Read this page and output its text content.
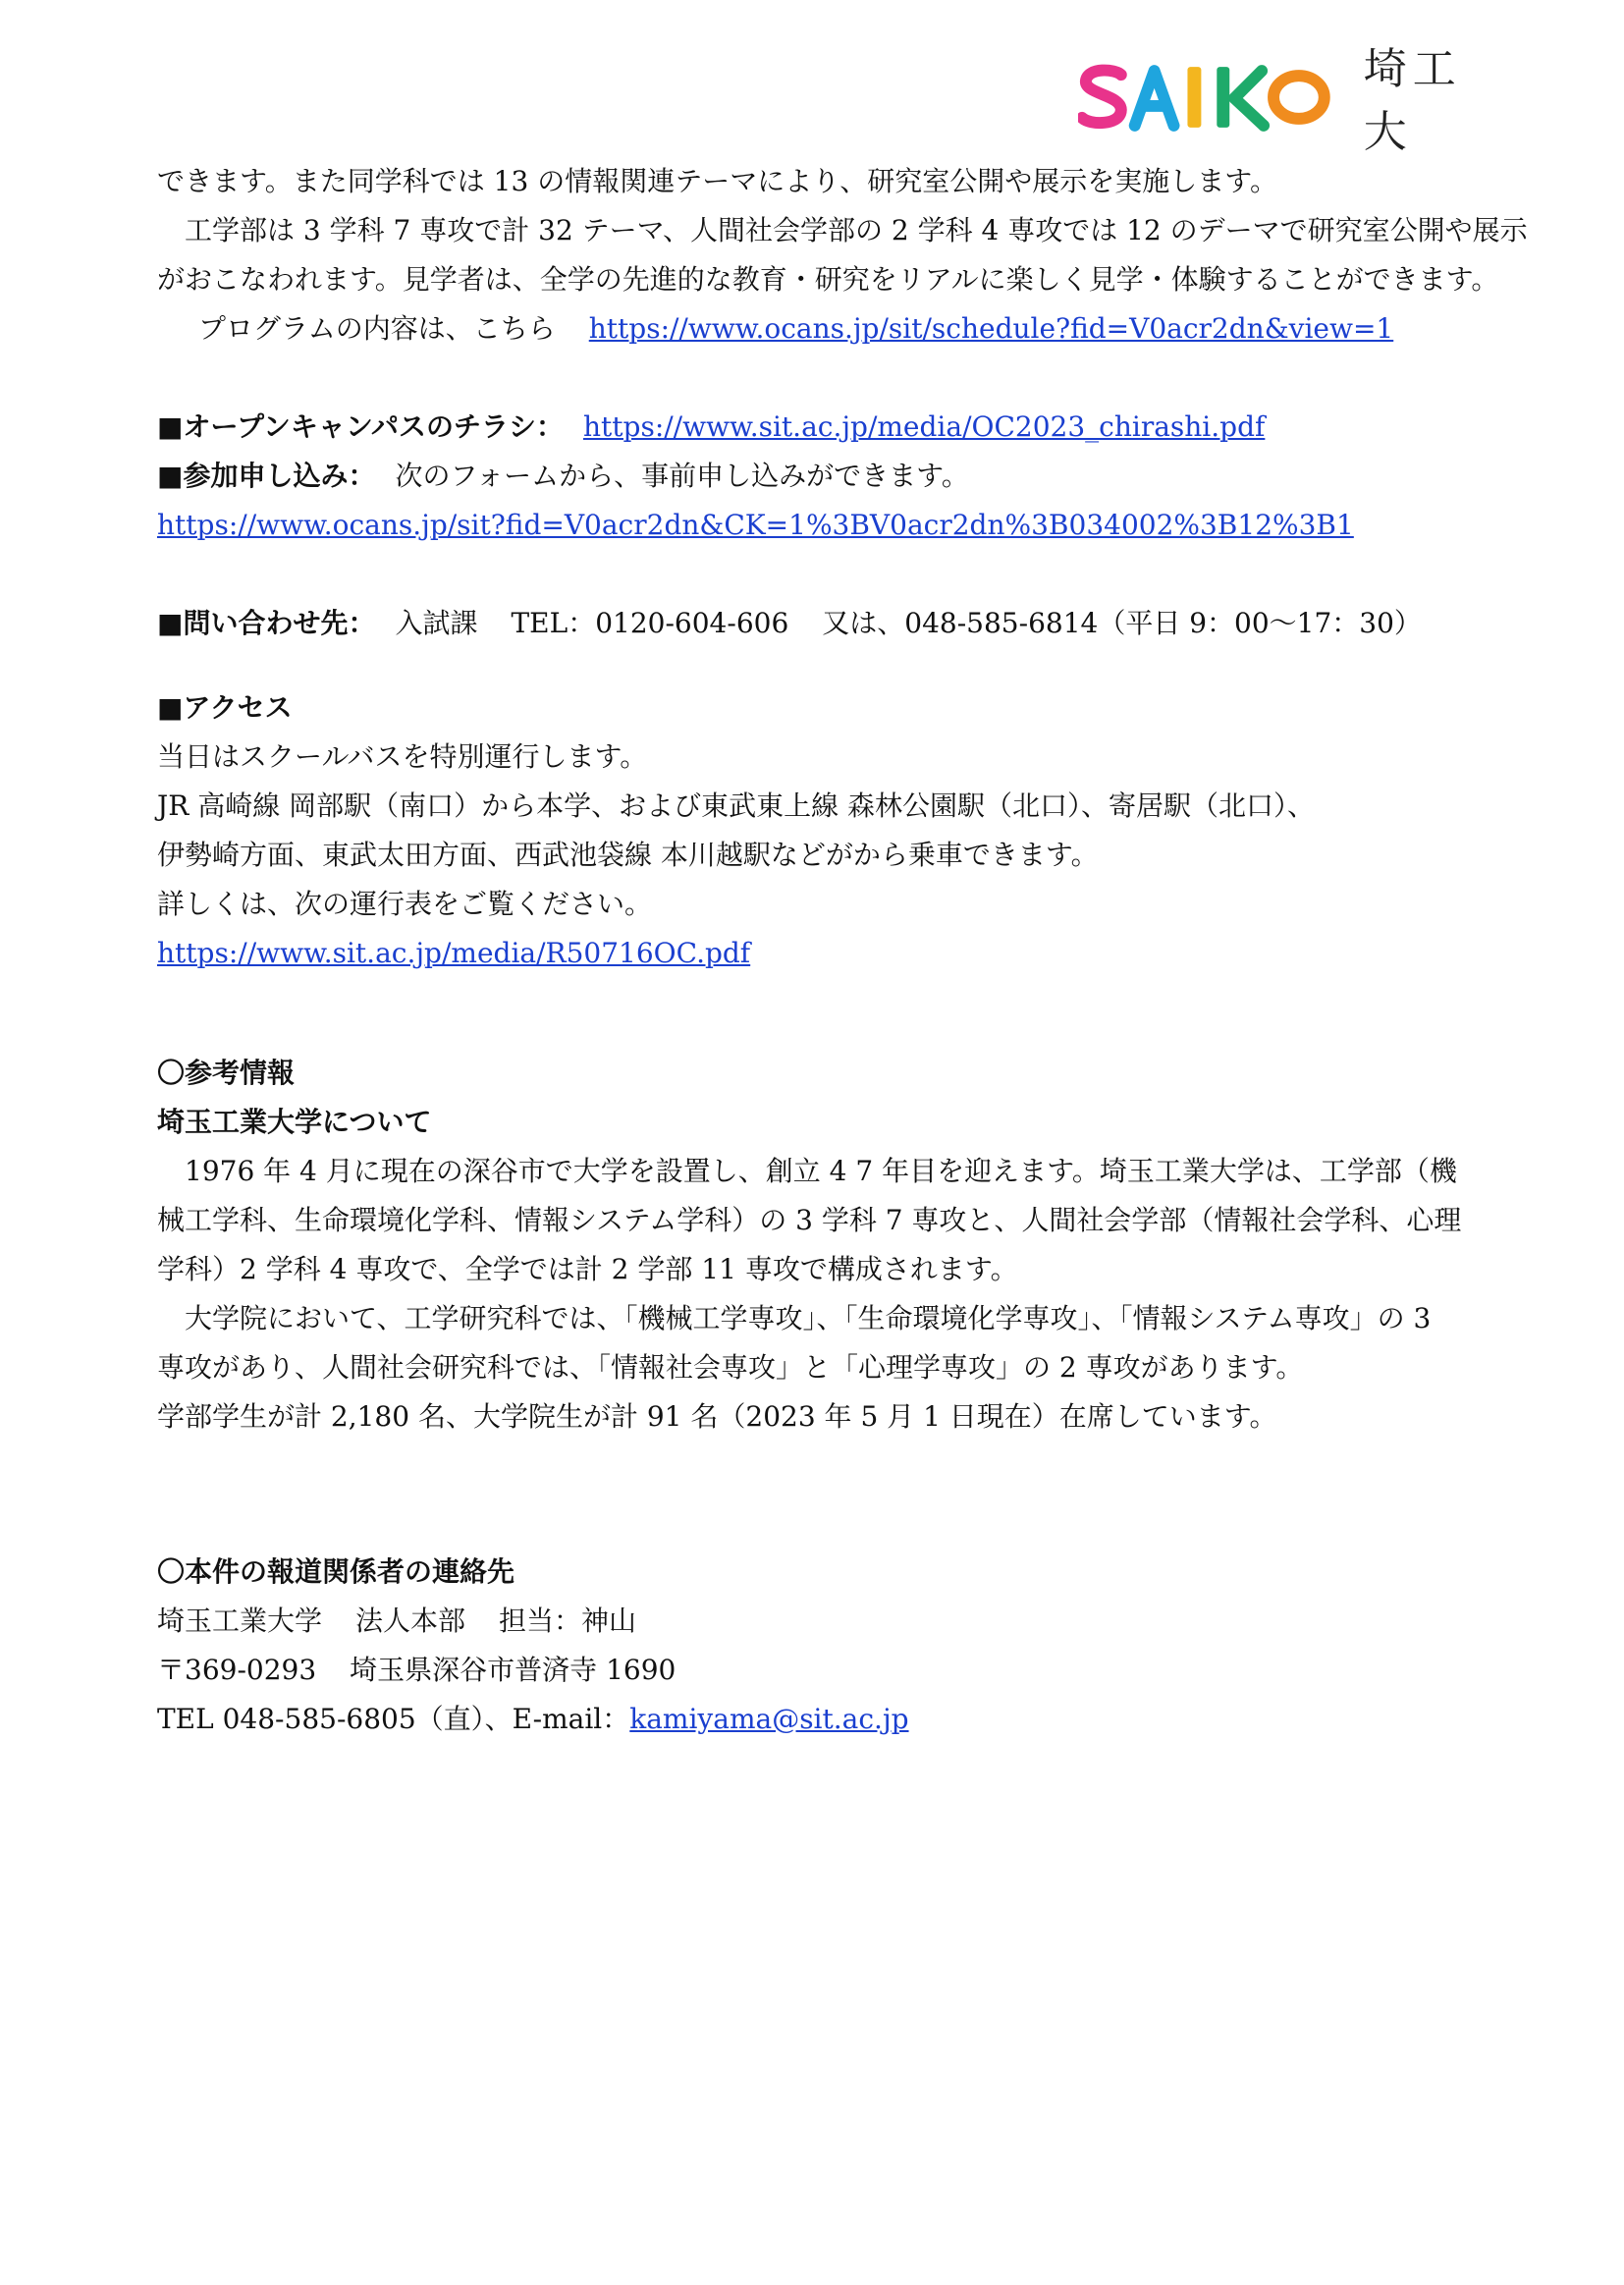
埼工大
できます。また同学科では 13 の情報関連テーマにより、研究室公開や展示を実施します。
工学部は 3 学科 7 専攻で計 32 テーマ、人間社会学部の 2 学科 4 専攻では 12 のデーマで研究室公開や展示
がおこなわれます。見学者は、全学の先進的な教育・研究をリアルに楽しく見学・体験することができます。
プログラムの内容は、こちら https://www.ocans.jp/sit/schedule?fid=V0acr2dn&view=1
■オープンキャンパスのチラシ： https://www.sit.ac.jp/media/OC2023_chirashi.pdf
■参加申し込み： 次のフォームから、事前申し込みができます。
https://www.ocans.jp/sit?fid=V0acr2dn&CK=1%3BV0acr2dn%3B034002%3B12%3B1
■問い合わせ先： 入試課 TEL：0120-604-606 又は、048-585-6814（平日 9：00～17：30）
■アクセス
当日はスクールバスを特別運行します。
JR 高崎線 岡部駅（南口）から本学、および東武東上線 森林公園駅（北口）、寄居駅（北口）、
伊勢崎方面、東武太田方面、西武池袋線 本川越駅などがから乗車できます。
詳しくは、次の運行表をご覧ください。
https://www.sit.ac.jp/media/R50716OC.pdf
〇参考情報
埼玉工業大学について
1976 年 4 月に現在の深谷市で大学を設置し、創立 4 7 年目を迎えます。埼玉工業大学は、工学部（機
械工学科、生命環境化学科、情報システム学科）の 3 学科 7 専攻と、人間社会学部（情報社会学科、心理
学科）2 学科 4 専攻で、全学では計 2 学部 11 専攻で構成されます。
大学院において、工学研究科では、「機械工学専攻」、「生命環境化学専攻」、「情報システム専攻」の 3
専攻があり、人間社会研究科では、「情報社会専攻」と「心理学専攻」の 2 専攻があります。
学部学生が計 2,180 名、大学院生が計 91 名（2023 年 5 月 1 日現在）在席しています。
〇本件の報道関係者の連絡先
埼玉工業大学 法人本部 担当：神山
〒369-0293 埼玉県深谷市普済寺 1690
TEL 048-585-6805（直）、E-mail：kamiyama@sit.ac.jp
